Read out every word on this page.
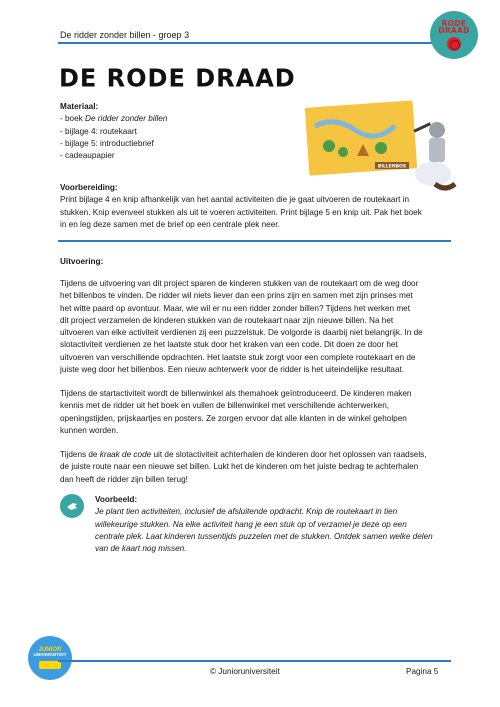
De ridder zonder billen - groep 3
RODE
DRAAD
DE RODE DRAAD
Materiaal:
- boek De ridder zonder billen
- bijlage 4: routekaart
- bijlage 5: introductiebrief
- cadeaupapier
BILLENBOS
Voorbereiding:
Print bijlage 4 en knip afhankelijk van het aantal activiteiten die je gaat uitvoeren de routekaart in
stukken. Knip evenveel stukken als uit te voeren activiteiten. Print bijlage 5 en knip uit. Pak het boek
in en leg deze samen met de brief op een centrale plek neer.
Uitvoering:
Tijdens de uitvoering van dit project sparen de kinderen stukken van de routekaart om de weg door
het billenbos te vinden. De ridder wil niets liever dan een prins zijn en samen met zijn prinses met
het witte paard op avontuur. Maar, wie wil er nu een ridder zonder billen? Tijdens het werken met
dit project verzamelen de kinderen stukken van de routekaart naar zijn nieuwe billen. Na het
uitvoeren van elke activiteit verdienen zij een puzzelstuk. De volgorde is daarbij niet belangrijk. In de
slotactiviteit verdienen ze het laatste stuk door het kraken van een code. Dit doen ze door het
uitvoeren van verschillende opdrachten. Het laatste stuk zorgt voor een complete routekaart en de
juiste weg door het billenbos. Een nieuw achterwerk voor de ridder is het uiteindelijke resultaat.
Tijdens de startactiviteit wordt de billenwinkel als themahoek geïntroduceerd. De kinderen maken
kennis met de ridder uit het boek en vullen de billenwinkel met verschillende achterwerken,
openingstijden, prijskaartjes en posters. Ze zorgen ervoor dat alle klanten in de winkel geholpen
kunnen worden.
Tijdens de kraak de code uit de slotactiviteit achterhalen de kinderen door het oplossen van raadsels,
de juiste route naar een nieuwe set billen. Lukt het de kinderen om het juiste bedrag te achterhalen
dan heeft de ridder zijn billen terug!
Voorbeeld:
Je plant tien activiteiten, inclusief de afsluitende opdracht. Knip de routekaart in tien
willekeurige stukken. Na elke activiteit hang je een stuk op of verzamel je deze op een
centrale plek. Laat kinderen tussentijds puzzelen met de stukken. Ontdek samen welke delen
van de kaart nog missen.
JUNIOR
UNIVERSITEIT
© Junioruniversiteit	Pagina 5
